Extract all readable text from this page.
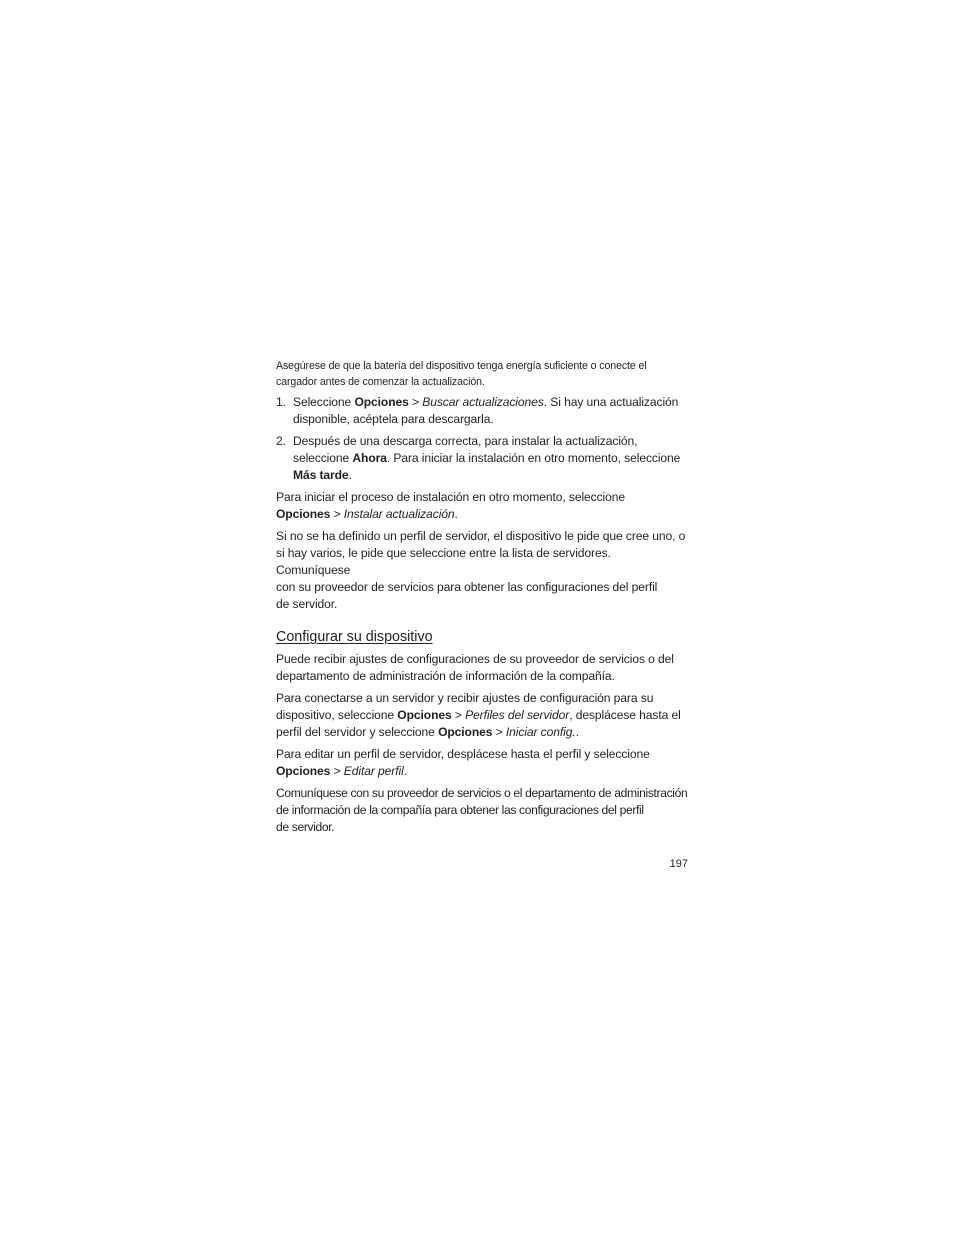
Asegúrese de que la batería del dispositivo tenga energía suficiente o conecte el
cargador antes de comenzar la actualización.

1. Seleccione Opciones > Buscar actualizaciones. Si hay una actualización
disponible, acéptela para descargarla.
2. Después de una descarga correcta, para instalar la actualización,
seleccione Ahora. Para iniciar la instalación en otro momento, seleccione
Más tarde.

Para iniciar el proceso de instalación en otro momento, seleccione
Opciones > Instalar actualización.

Si no se ha definido un perfil de servidor, el dispositivo le pide que cree uno, o
si hay varios, le pide que seleccione entre la lista de servidores. Comuníquese
con su proveedor de servicios para obtener las configuraciones del perfil
de servidor.

Configurar su dispositivo

Puede recibir ajustes de configuraciones de su proveedor de servicios o del
departamento de administración de información de la compañía.

Para conectarse a un servidor y recibir ajustes de configuración para su
dispositivo, seleccione Opciones > Perfiles del servidor, desplácese hasta el
perfil del servidor y seleccione Opciones > Iniciar config..

Para editar un perfil de servidor, desplácese hasta el perfil y seleccione
Opciones > Editar perfil.

Comuníquese con su proveedor de servicios o el departamento de administración
de información de la compañía para obtener las configuraciones del perfil
de servidor.

197
